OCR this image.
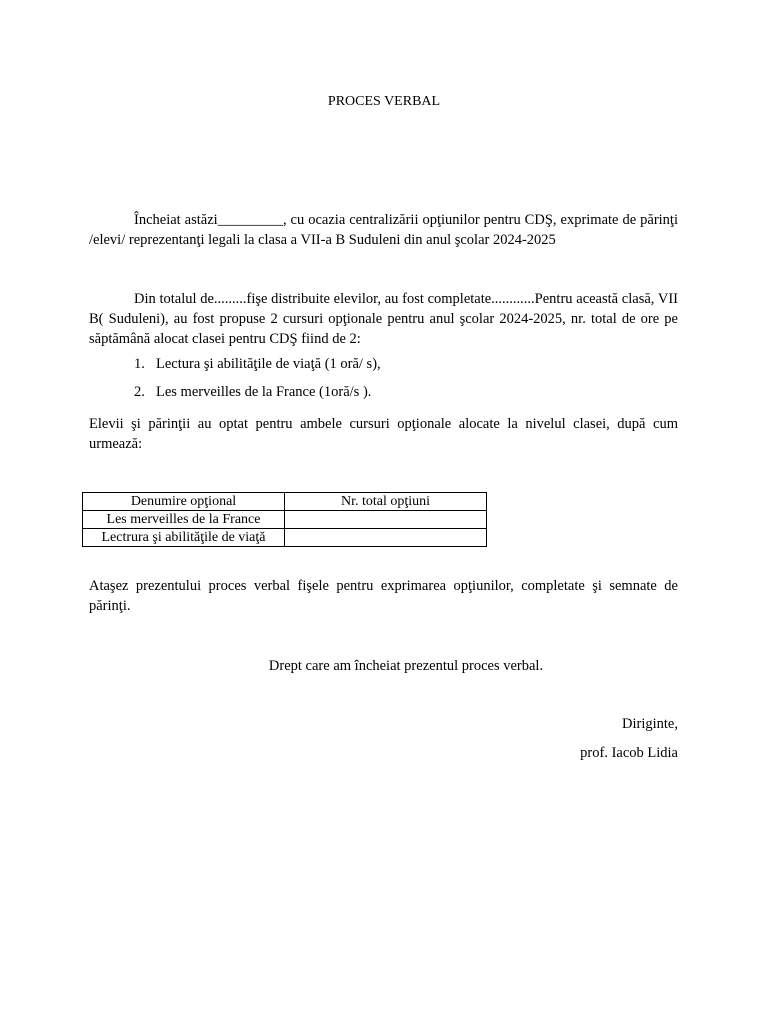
PROCES VERBAL
Încheiat astăzi_________, cu ocazia centralizării opţiunilor pentru CDŞ, exprimate de părinţi /elevi/ reprezentanţi legali la clasa a VII-a B Suduleni din anul şcolar 2024-2025
Din totalul de.........fişe distribuite elevilor, au fost completate............Pentru această clasă, VII B( Suduleni), au fost propuse 2 cursuri opţionale pentru anul şcolar 2024-2025, nr. total de ore pe săptămână alocat clasei pentru CDŞ fiind de 2:
1. Lectura şi abilităţile de viaţă (1 oră/ s),
2. Les merveilles de la France (1oră/s ).
Elevii şi părinţii au optat pentru ambele cursuri opţionale alocate la nivelul clasei, după cum urmează:
Denumire opţional	Nr. total opţiuni
Les merveilles de la France	
Lectrura şi abilităţile de viaţă	
Ataşez prezentului proces verbal fişele pentru exprimarea opţiunilor, completate şi semnate de părinţi.
Drept care am încheiat prezentul proces verbal.
Diriginte,
prof. Iacob Lidia
